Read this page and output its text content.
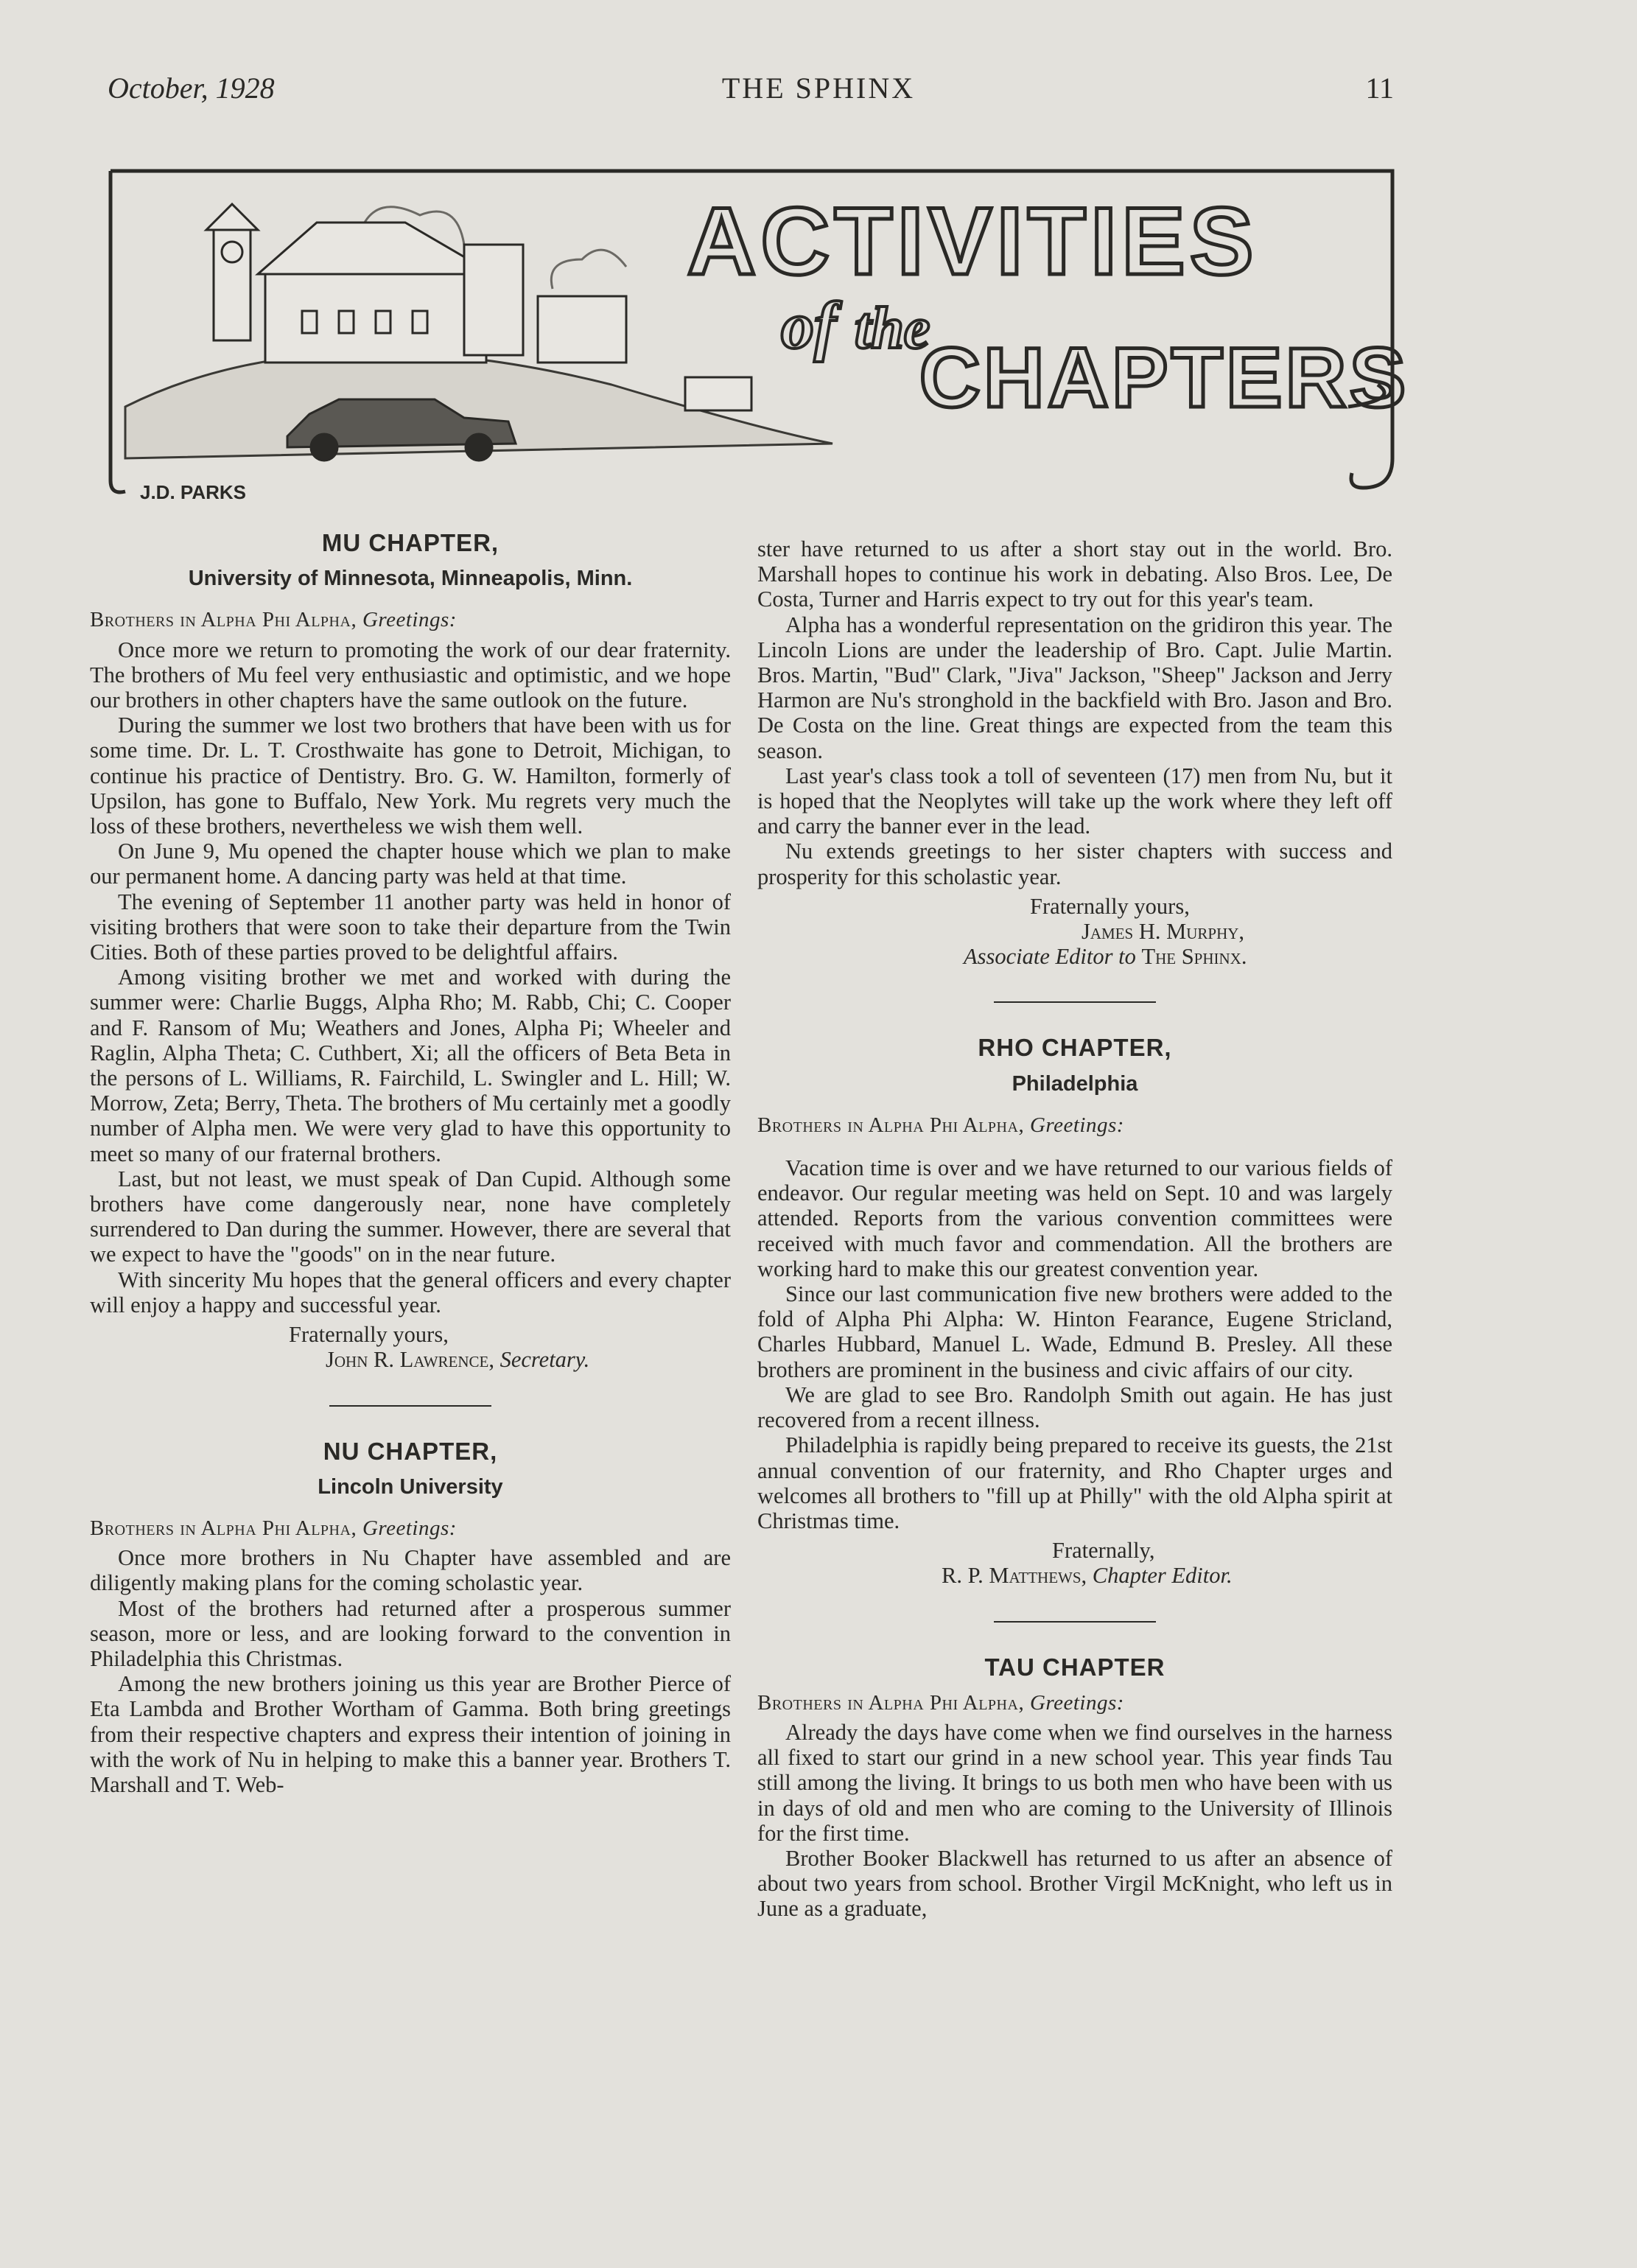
October, 1928	THE SPHINX	11
ACTIVITIES
of the
CHAPTERS
J.D. PARKS
MU CHAPTER,
University of Minnesota, Minneapolis, Minn.
Brothers in Alpha Phi Alpha, Greetings:

Once more we return to promoting the work of our dear fraternity. The brothers of Mu feel very enthusiastic and optimistic, and we hope our brothers in other chapters have the same outlook on the future.

During the summer we lost two brothers that have been with us for some time. Dr. L. T. Crosthwaite has gone to Detroit, Michigan, to continue his practice of Dentistry. Bro. G. W. Hamilton, formerly of Upsilon, has gone to Buffalo, New York. Mu regrets very much the loss of these brothers, nevertheless we wish them well.

On June 9, Mu opened the chapter house which we plan to make our permanent home. A dancing party was held at that time.

The evening of September 11 another party was held in honor of visiting brothers that were soon to take their departure from the Twin Cities. Both of these parties proved to be delightful affairs.

Among visiting brother we met and worked with during the summer were: Charlie Buggs, Alpha Rho; M. Rabb, Chi; C. Cooper and F. Ransom of Mu; Weathers and Jones, Alpha Pi; Wheeler and Raglin, Alpha Theta; C. Cuthbert, Xi; all the officers of Beta Beta in the persons of L. Williams, R. Fairchild, L. Swingler and L. Hill; W. Morrow, Zeta; Berry, Theta. The brothers of Mu certainly met a goodly number of Alpha men. We were very glad to have this opportunity to meet so many of our fraternal brothers.

Last, but not least, we must speak of Dan Cupid. Although some brothers have come dangerously near, none have completely surrendered to Dan during the summer. However, there are several that we expect to have the "goods" on in the near future.

With sincerity Mu hopes that the general officers and every chapter will enjoy a happy and successful year.

Fraternally yours,
John R. Lawrence, Secretary.
NU CHAPTER,
Lincoln University
Brothers in Alpha Phi Alpha, Greetings:

Once more brothers in Nu Chapter have assembled and are diligently making plans for the coming scholastic year.

Most of the brothers had returned after a prosperous summer season, more or less, and are looking forward to the convention in Philadelphia this Christmas.

Among the new brothers joining us this year are Brother Pierce of Eta Lambda and Brother Wortham of Gamma. Both bring greetings from their respective chapters and express their intention of joining in with the work of Nu in helping to make this a banner year. Brothers T. Marshall and T. Web-

ster have returned to us after a short stay out in the world. Bro. Marshall hopes to continue his work in debating. Also Bros. Lee, De Costa, Turner and Harris expect to try out for this year's team.

Alpha has a wonderful representation on the gridiron this year. The Lincoln Lions are under the leadership of Bro. Capt. Julie Martin. Bros. Martin, "Bud" Clark, "Jiva" Jackson, "Sheep" Jackson and Jerry Harmon are Nu's stronghold in the backfield with Bro. Jason and Bro. De Costa on the line. Great things are expected from the team this season.

Last year's class took a toll of seventeen (17) men from Nu, but it is hoped that the Neoplytes will take up the work where they left off and carry the banner ever in the lead.

Nu extends greetings to her sister chapters with success and prosperity for this scholastic year.

Fraternally yours,
James H. Murphy,
Associate Editor to The Sphinx.
RHO CHAPTER,
Philadelphia
Brothers in Alpha Phi Alpha, Greetings:

Vacation time is over and we have returned to our various fields of endeavor. Our regular meeting was held on Sept. 10 and was largely attended. Reports from the various convention committees were received with much favor and commendation. All the brothers are working hard to make this our greatest convention year.

Since our last communication five new brothers were added to the fold of Alpha Phi Alpha: W. Hinton Fearance, Eugene Stricland, Charles Hubbard, Manuel L. Wade, Edmund B. Presley. All these brothers are prominent in the business and civic affairs of our city.

We are glad to see Bro. Randolph Smith out again. He has just recovered from a recent illness.

Philadelphia is rapidly being prepared to receive its guests, the 21st annual convention of our fraternity, and Rho Chapter urges and welcomes all brothers to "fill up at Philly" with the old Alpha spirit at Christmas time.

Fraternally,
R. P. Matthews, Chapter Editor.
TAU CHAPTER
Brothers in Alpha Phi Alpha, Greetings:

Already the days have come when we find ourselves in the harness all fixed to start our grind in a new school year. This year finds Tau still among the living. It brings to us both men who have been with us in days of old and men who are coming to the University of Illinois for the first time.

Brother Booker Blackwell has returned to us after an absence of about two years from school. Brother Virgil McKnight, who left us in June as a graduate,
